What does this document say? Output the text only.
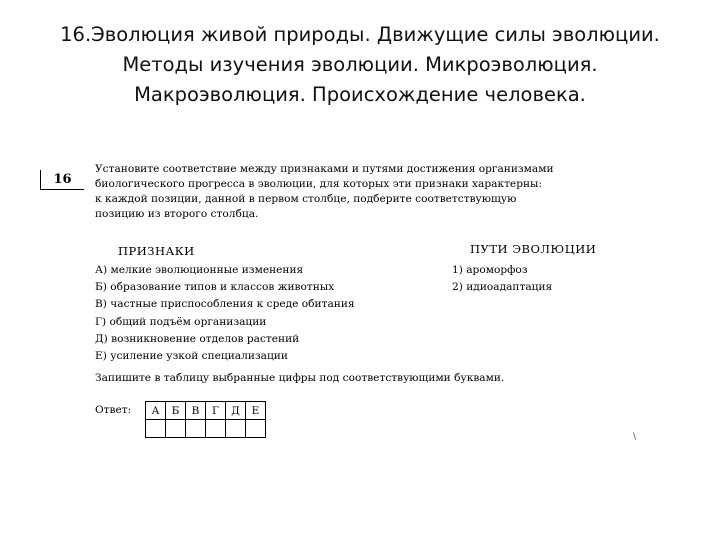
16.Эволюция живой природы. Движущие силы эволюции.
Методы изучения эволюции. Микроэволюция.
Макроэволюция. Происхождение человека.
16
Установите соответствие между признаками и путями достижения организмами
биологического прогресса в эволюции, для которых эти признаки характерны:
к каждой позиции, данной в первом столбце, подберите соответствующую
позицию из второго столбца.
ПРИЗНАКИ	ПУТИ ЭВОЛЮЦИИ
А) мелкие эволюционные изменения
Б) образование типов и классов животных
В) частные приспособления к среде обитания
Г) общий подъём организации
Д) возникновение отделов растений
Е) усиление узкой специализации
1) ароморфоз
2) идиоадаптация
Запишите в таблицу выбранные цифры под соответствующими буквами.
Ответ: А	Б	В	Г	Д	Е

\
